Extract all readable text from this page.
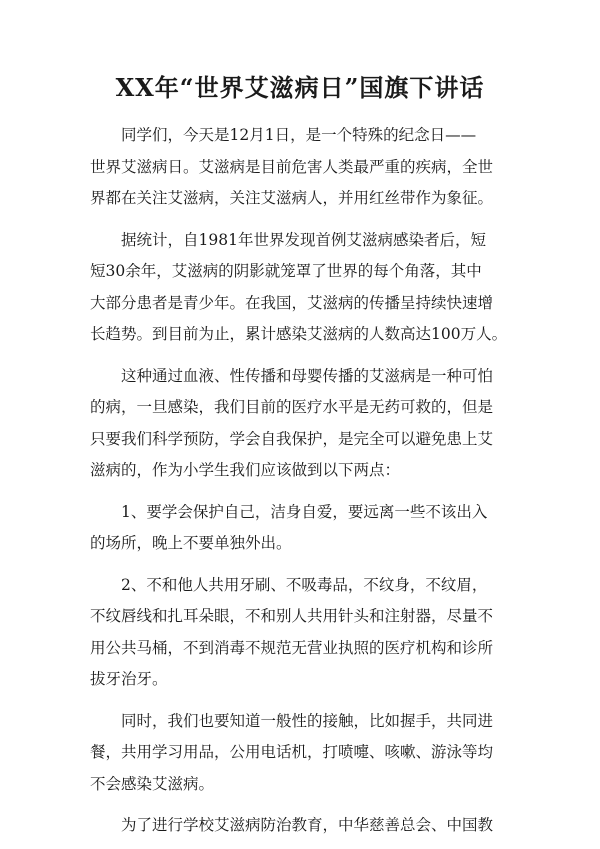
XX年“世界艾滋病日”国旗下讲话
同学们，今天是12月1日，是一个特殊的纪念日——
世界艾滋病日。艾滋病是目前危害人类最严重的疾病，全世
界都在关注艾滋病，关注艾滋病人，并用红丝带作为象征。
据统计，自1981年世界发现首例艾滋病感染者后，短
短30余年，艾滋病的阴影就笼罩了世界的每个角落，其中
大部分患者是青少年。在我国，艾滋病的传播呈持续快速增
长趋势。到目前为止，累计感染艾滋病的人数高达100万人。
这种通过血液、性传播和母婴传播的艾滋病是一种可怕
的病，一旦感染，我们目前的医疗水平是无药可救的，但是
只要我们科学预防，学会自我保护，是完全可以避免患上艾
滋病的，作为小学生我们应该做到以下两点：
1、要学会保护自己，洁身自爱，要远离一些不该出入
的场所，晚上不要单独外出。
2、不和他人共用牙刷、不吸毒品，不纹身，不纹眉，
不纹唇线和扎耳朵眼，不和别人共用针头和注射器，尽量不
用公共马桶，不到消毒不规范无营业执照的医疗机构和诊所
拔牙治牙。
同时，我们也要知道一般性的接触，比如握手，共同进
餐，共用学习用品，公用电话机，打喷嚏、咳嗽、游泳等均
不会感染艾滋病。
为了进行学校艾滋病防治教育，中华慈善总会、中国教
